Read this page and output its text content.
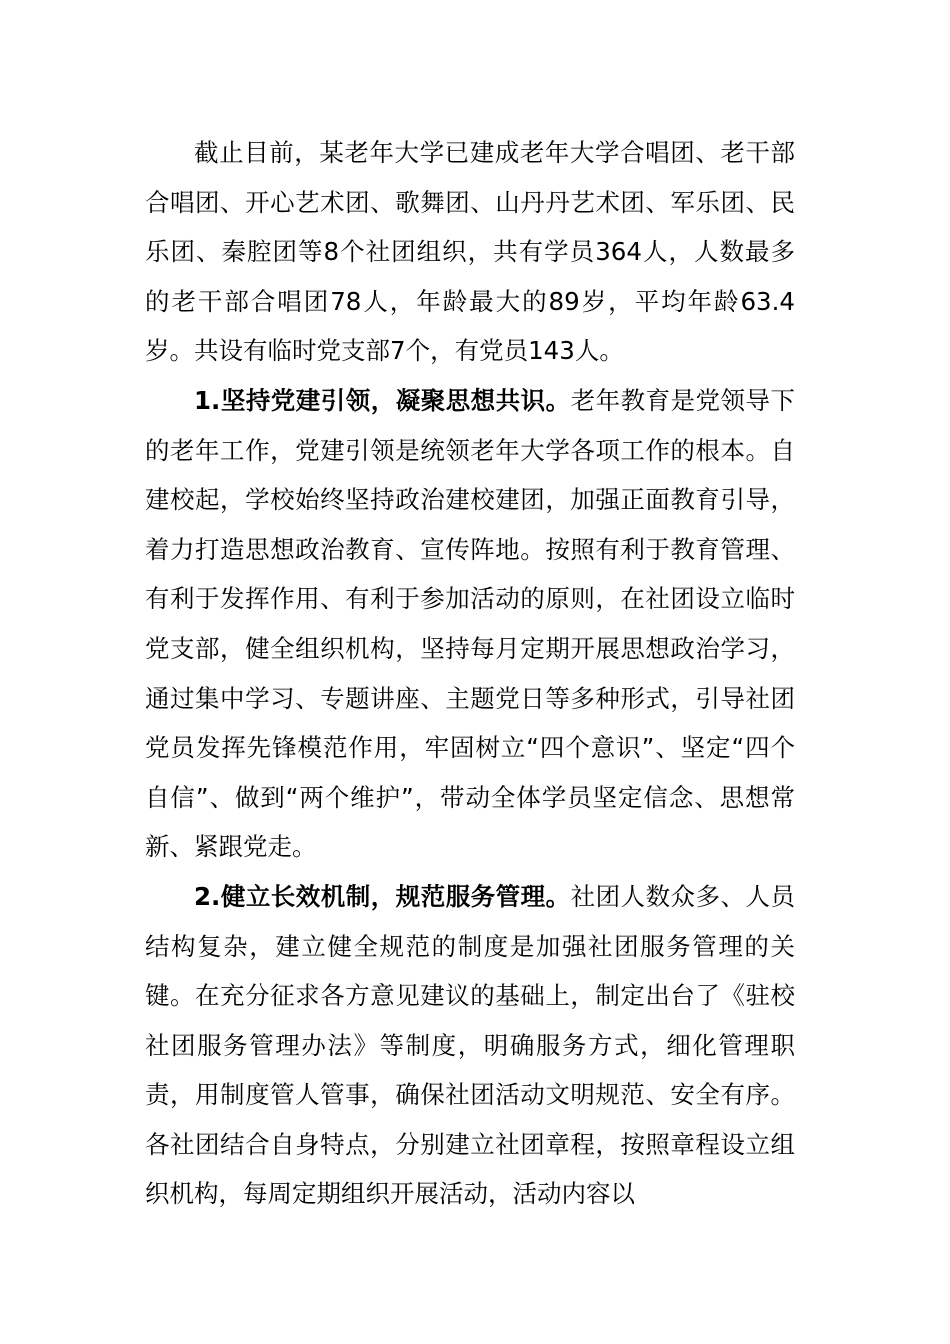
截止目前，某老年大学已建成老年大学合唱团、老干部合唱团、开心艺术团、歌舞团、山丹丹艺术团、军乐团、民乐团、秦腔团等8个社团组织，共有学员364人，人数最多的老干部合唱团78人，年龄最大的89岁，平均年龄63.4岁。共设有临时党支部7个，有党员143人。

1.坚持党建引领，凝聚思想共识。老年教育是党领导下的老年工作，党建引领是统领老年大学各项工作的根本。自建校起，学校始终坚持政治建校建团，加强正面教育引导，着力打造思想政治教育、宣传阵地。按照有利于教育管理、有利于发挥作用、有利于参加活动的原则，在社团设立临时党支部，健全组织机构，坚持每月定期开展思想政治学习，通过集中学习、专题讲座、主题党日等多种形式，引导社团党员发挥先锋模范作用，牢固树立“四个意识”、坚定“四个自信”、做到“两个维护”，带动全体学员坚定信念、思想常新、紧跟党走。

2.健立长效机制，规范服务管理。社团人数众多、人员结构复杂，建立健全规范的制度是加强社团服务管理的关键。在充分征求各方意见建议的基础上，制定出台了《驻校社团服务管理办法》等制度，明确服务方式，细化管理职责，用制度管人管事，确保社团活动文明规范、安全有序。各社团结合自身特点，分别建立社团章程，按照章程设立组织机构，每周定期组织开展活动，活动内容以
